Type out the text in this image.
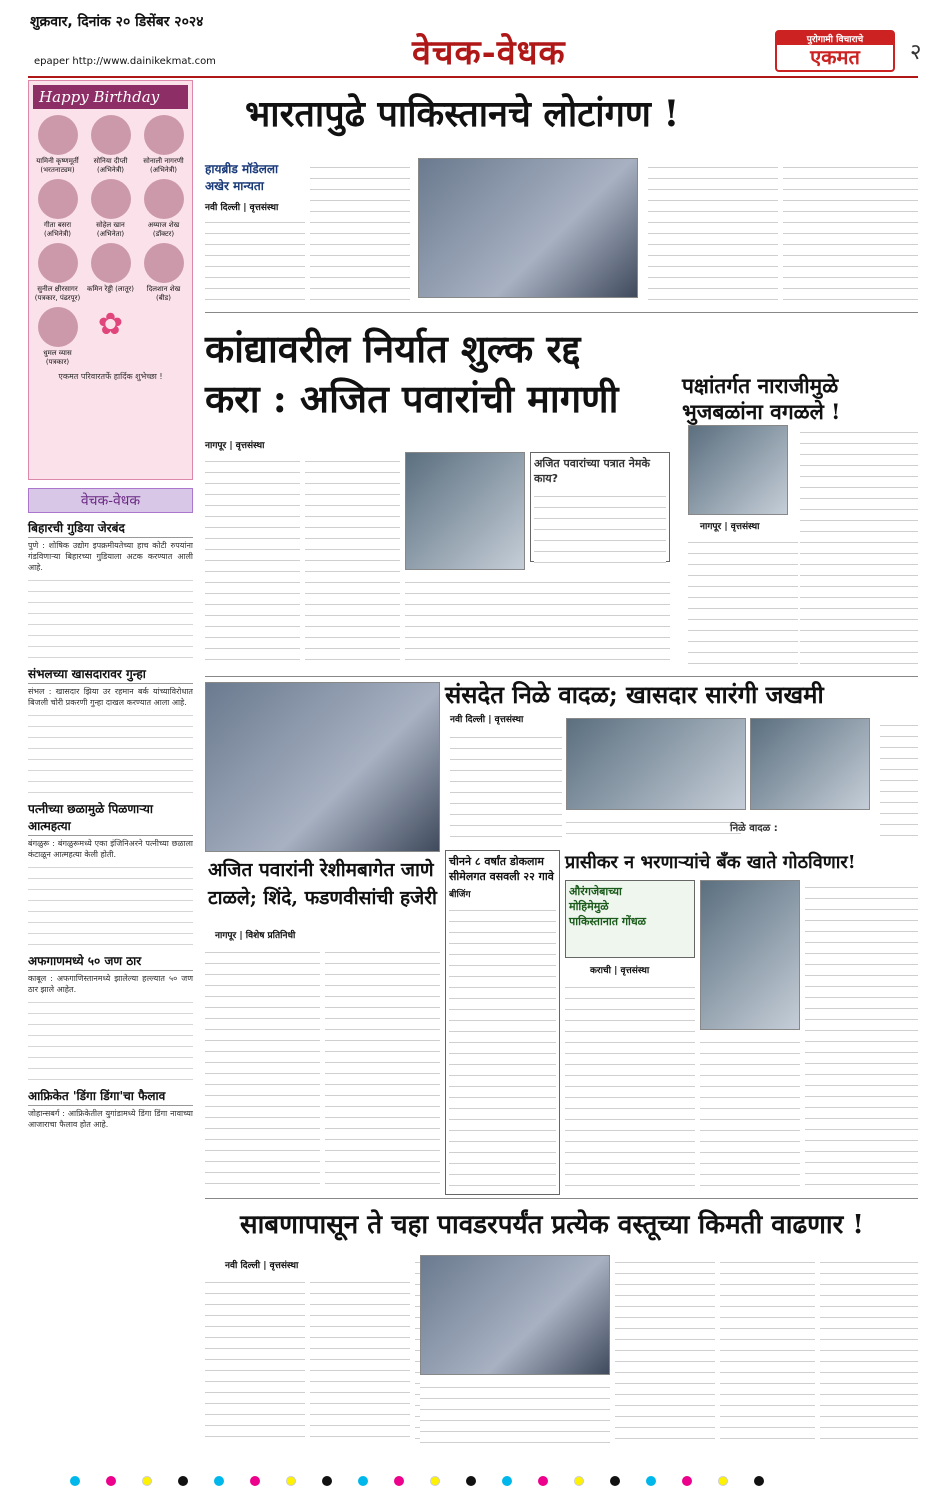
शुक्रवार, दिनांक २० डिसेंबर २०२४
epaper http://www.dainikekmat.com	वेचक-वेधक	पुरोगामी विचाराचे
एकमत	२
Happy Birthday
यामिनी कृष्णमूर्ती (भरतनाट्यम)
सोनिया दीप्ती (अभिनेत्री)
सोनाली नागरणी (अभिनेत्री)
गीता बसरा (अभिनेत्री)
सोहेल खान (अभिनेता)
अय्याज शेख (डॉक्टर)
सुनील क्षीरसागर (पत्रकार, पंढरपूर)
कमिन रेड्डी (लातूर)	दिलशान शेख (बीड)
धुमल व्यास (पत्रकार)
✿
एकमत परिवारतर्फे हार्दिक शुभेच्छा !
वेचक-वेधक
बिहारची गुडिया जेरबंद

पुणे : शोषिक उद्योग इपक्रमीयतेच्या हाच कोटी रुपयांना गंडविणाऱ्या बिहारच्या गुडियाला अटक करण्यात आली आहे.

संभलच्या खासदारावर गुन्हा

संभल : खासदार झिया उर रहमान बर्क यांच्याविरोधात बिजली चोरी प्रकरणी गुन्हा दाखल करण्यात आला आहे.

पत्नीच्या छळामुळे पिळणाऱ्या आत्महत्या

बंगळुरू : बंगळुरूमध्ये एका इंजिनिअरने पत्नीच्या छळाला कंटाळून आत्महत्या केली होती.

अफगाणमध्ये ५० जण ठार

काबूल : अफगाणिस्तानमध्ये झालेल्या हल्ल्यात ५० जण ठार झाले आहेत.

आफ्रिकेत 'डिंगा डिंगा'चा फैलाव

जोहान्सबर्ग : आफ्रिकेतील युगांडामध्ये डिंगा डिंगा नावाच्या आजाराचा फैलाव होत आहे.

भारतापुढे पाकिस्तानचे लोटांगण !
हायब्रीड मॉडेलला अखेर मान्यता
नवी दिल्ली | वृत्तसंस्था
कांद्यावरील निर्यात शुल्क रद्द
करा : अजित पवारांची मागणी
नागपूर | वृत्तसंस्था
अजित पवारांच्या पत्रात नेमके काय?
पक्षांतर्गत नाराजीमुळे
भुजबळांना वगळले !
नागपूर | वृत्तसंस्था
संसदेत निळे वादळ; खासदार सारंगी जखमी
नवी दिल्ली | वृत्तसंस्था
निळे वादळ :
अजित पवारांनी रेशीमबागेत जाणे
टाळले; शिंदे, फडणवीसांची हजेरी
नागपूर | विशेष प्रतिनिधी
चीनने ८ वर्षांत डोकलाम
सीमेलगत वसवली २२ गावे
बीजिंग
प्रासीकर न भरणाऱ्यांचे बँक खाते गोठविणार!
औरंगजेबाच्या
मोहिमेमुळे
पाकिस्तानात गोंधळ
कराची | वृत्तसंस्था
साबणापासून ते चहा पावडरपर्यंत प्रत्येक वस्तूच्या किमती वाढणार !
नवी दिल्ली | वृत्तसंस्था
